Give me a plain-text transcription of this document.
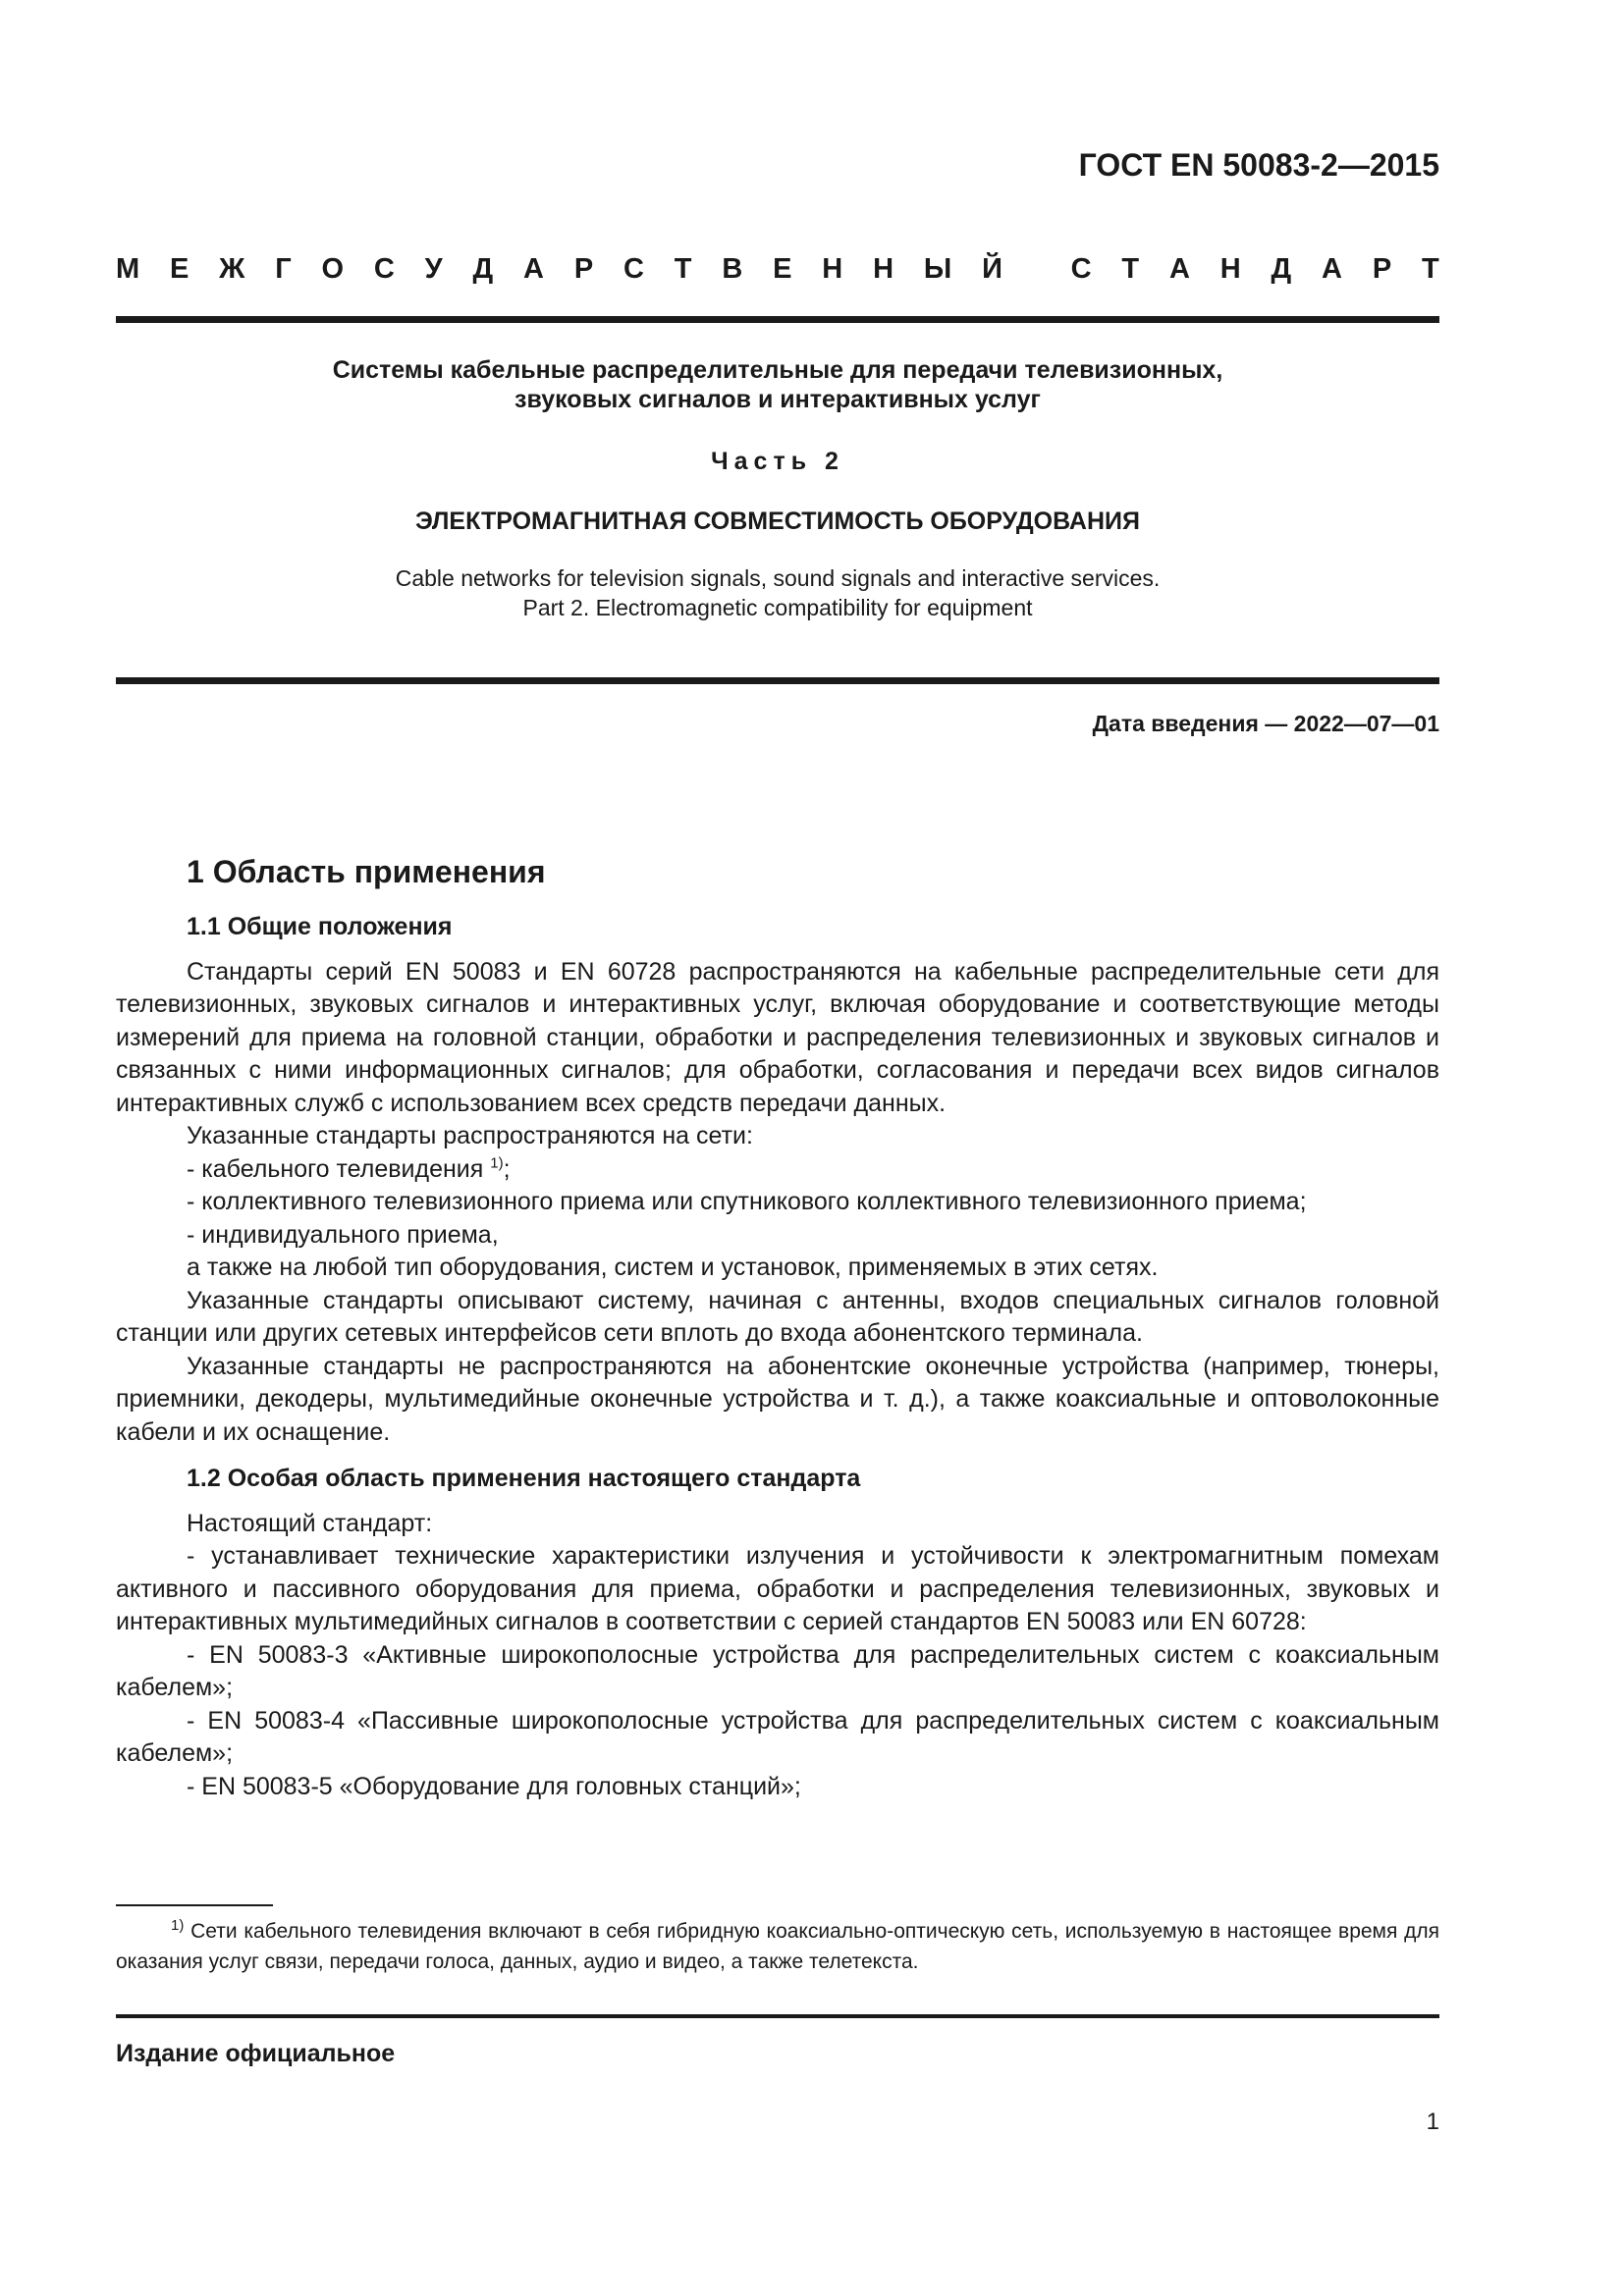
ГОСТ EN 50083-2—2015
М Е Ж Г О С У Д А Р С Т В Е Н Н Ы Й
С Т А Н Д А Р Т
Системы кабельные распределительные для передачи телевизионных,
звуковых сигналов и интерактивных услуг
Часть 2
ЭЛЕКТРОМАГНИТНАЯ СОВМЕСТИМОСТЬ ОБОРУДОВАНИЯ
Cable networks for television signals, sound signals and interactive services.
Part 2. Electromagnetic compatibility for equipment
Дата введения — 2022—07—01
1 Область применения
1.1 Общие положения

Стандарты серий EN 50083 и EN 60728 распространяются на кабельные распределительные сети для телевизионных, звуковых сигналов и интерактивных услуг, включая оборудование и соответствующие методы измерений для приема на головной станции, обработки и распределения телевизионных и звуковых сигналов и связанных с ними информационных сигналов; для обработки, согласования и передачи всех видов сигналов интерактивных служб с использованием всех средств передачи данных.

Указанные стандарты распространяются на сети:

- кабельного телевидения $^{1)}$;

- коллективного телевизионного приема или спутникового коллективного телевизионного приема;

- индивидуального приема,

а также на любой тип оборудования, систем и установок, применяемых в этих сетях.

Указанные стандарты описывают систему, начиная с антенны, входов специальных сигналов головной станции или других сетевых интерфейсов сети вплоть до входа абонентского терминала.

Указанные стандарты не распространяются на абонентские оконечные устройства (например, тюнеры, приемники, декодеры, мультимедийные оконечные устройства и т. д.), а также коаксиальные и оптоволоконные кабели и их оснащение.

1.2 Особая область применения настоящего стандарта

Настоящий стандарт:

- устанавливает технические характеристики излучения и устойчивости к электромагнитным помехам активного и пассивного оборудования для приема, обработки и распределения телевизионных, звуковых и интерактивных мультимедийных сигналов в соответствии с серией стандартов EN 50083 или EN 60728:

- EN 50083-3 «Активные широкополосные устройства для распределительных систем с коаксиальным кабелем»;

- EN 50083-4 «Пассивные широкополосные устройства для распределительных систем с коаксиальным кабелем»;

- EN 50083-5 «Оборудование для головных станций»;

$^{1)}$ Сети кабельного телевидения включают в себя гибридную коаксиально-оптическую сеть, используемую в настоящее время для оказания услуг связи, передачи голоса, данных, аудио и видео, а также телетекста.
Издание официальное
1
